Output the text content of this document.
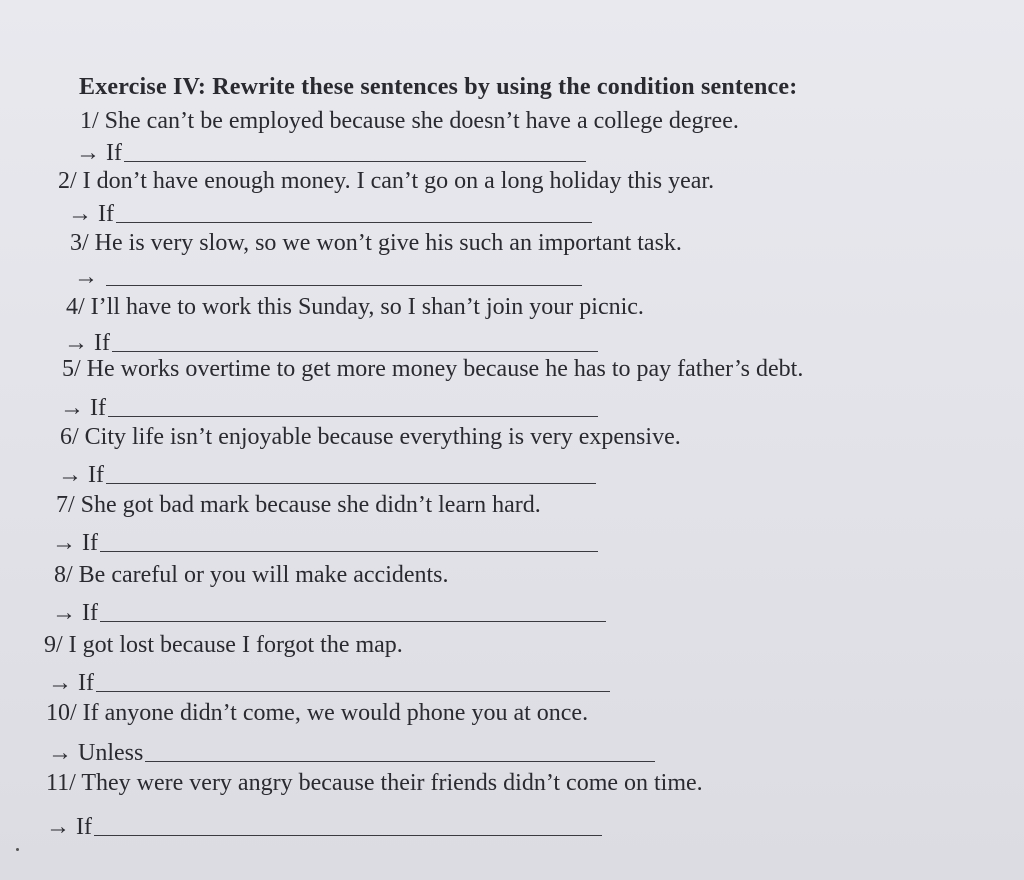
Exercise IV: Rewrite these sentences by using the condition sentence:
1/ She can’t be employed because she doesn’t have a college degree.
→ If
2/ I don’t have enough money. I can’t go on a long holiday this year.
→ If
3/ He is very slow, so we won’t give his such an important task.
→
4/ I’ll have to work this Sunday, so I shan’t join your picnic.
→ If
5/ He works overtime to get more money because he has to pay father’s debt.
→ If
6/ City life isn’t enjoyable because everything is very expensive.
→ If
7/ She got bad mark because she didn’t learn hard.
→ If
8/ Be careful or you will make accidents.
→ If
9/ I got lost because I forgot the map.
→ If
10/ If anyone didn’t come, we would phone you at once.
→ Unless
11/ They were very angry because their friends didn’t come on time.
→ If
